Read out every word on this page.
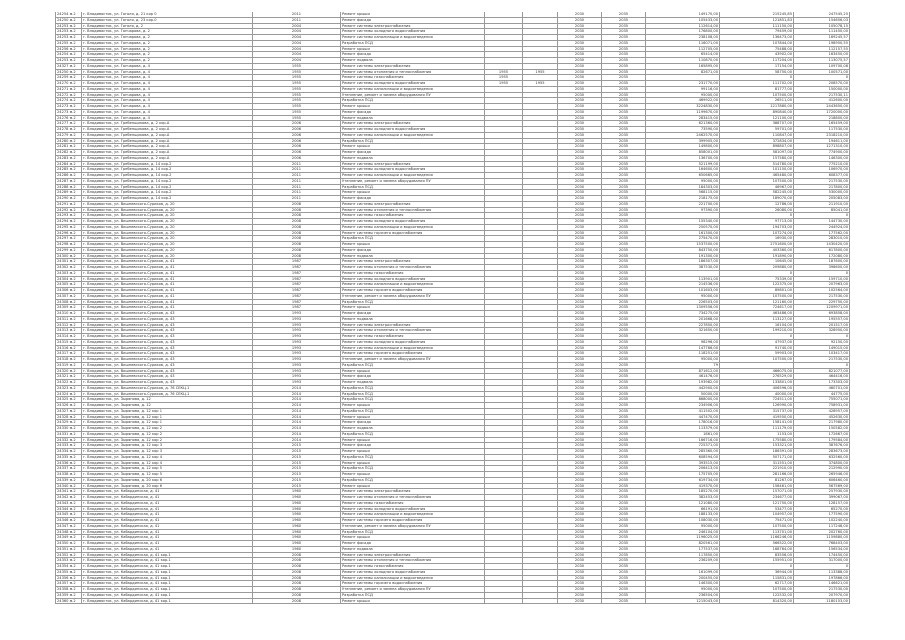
24254 м.2	г. Владивосток, ул. Гоголя, д. 21 кор 0	2011	Ремонт крыши			2030	2035	149170,00	215245,85	247545,25
24250 м.2	г. Владивосток, ул. Гоголя, д. 23 кор.0	2011	Ремонт фасада			2030	2035	105433,00	121851,83	154656,03
24253 м.2	г. Владивосток, ул. Гоголя, д. 2	2004	Ремонт системы электроснабжения			2030	2035	112614,00	111150,00	105078,15
24253 м.2	г. Владивосток, ул. Гончарова, д. 2	2004	Ремонт системы холодного водоснабжения			2030	2035	176800,00	79459,00	111450,00
24253 м.2	г. Владивосток, ул. Гончарова, д. 2	2004	Ремонт системы канализации и водоотведения			2030	2035	238108,00	136473,00	169245,57
24255 м.2	г. Владивосток, ул. Гончарова, д. 2	2004	Разработка ПСД			2030	2035	116071,00	107844,00	198950,55
24256 м.2	г. Владивосток, ул. Гончарова, д. 2	2004	Ремонт крыши			2030	2035	112705,00	75488,00	112157,55
24254 м.2	г. Владивосток, ул. Гончарова, д. 2	2004	Ремонт фасада			2030	2035	65414,00	43902,00	163450,00
24253 м.2	г. Владивосток, ул. Гончарова, д. 2	2004	Ремонт подвала			2030	2035	110870,00	117204,00	113075,57
24327 м.2	г. Владивосток, ул. Гончарова, д. 4	1955	Ремонт системы электроснабжения			2030	2035	165895,00	17154,00	109700,08
24250 м.2	г. Владивосток, ул. Гончарова, д. 4	1955	Ремонт системы отопления и теплоснабжения	1955	1955	2030	2035	82671,00	58750,00	100571,00
24259 м.2	г. Владивосток, ул. Гончарова, д. 4	1955	Ремонт системы газоснабжения	1955		2030	2035		0	0
24270 м.2	г. Владивосток, ул. Гончарова, д. 4	1955	Ремонт системы холодного водоснабжения	1955	1955	2030	2035	231770,00	111702,00	208570,00
24271 м.2	г. Владивосток, ул. Гончарова, д. 4	1955	Ремонт системы канализации и водоотведения			2030	2035	99116,00	81777,00	150000,00
24272 м.2	г. Владивосток, ул. Гончарова, д. 4	1955	Утепление, ремонт и замена оборудования ПУ			2030	2035	95000,00	107500,00	217530,11
24274 м.2	г. Владивосток, ул. Гончарова, д. 4	1955	Разработка ПСД			2030	2035	469922,00	26511,00	412600,00
24273 м.2	г. Владивосток, ул. Гончарова, д. 4	1955	Ремонт крыши			2030	2035	3224830,00	1217880,00	2443650,00
24273 м.2	г. Владивосток, ул. Гончарова, д. 4	1955	Ремонт фасада			2030	2035	1199670,00	890840,00	1720000,00
24276 м.2	г. Владивосток, ул. Гончарова, д. 4	1955	Ремонт подвала			2030	2035	283415,00	121100,00	218800,00
24277 м.2	г. Владивосток, ул. Гребенщикова, д. 2 кор.А	2006	Ремонт системы электроснабжения			2030	2035	621360,00	388707,00	165459,00
24278 м.2	г. Владивосток, ул. Гребенщикова, д. 2 кор.А	2006	Ремонт системы холодного водоснабжения			2030	2035	73590,00	59701,00	117530,00
24279 м.2	г. Владивосток, ул. Гребенщикова, д. 2 кор.А	2006	Ремонт системы канализации и водоотведения			2030	2035	2462570,00	110847,00	2318210,00
24280 м.2	г. Владивосток, ул. Гребенщикова, д. 2 кор.А	2006	Разработка ПСД			2030	2035	399905,00	372834,00	194611,00
24281 м.2	г. Владивосток, ул. Гребенщикова, д. 2 кор.А	2006	Ремонт крыши			2030	2035	149800,00	898807,00	1271310,00
24282 м.2	г. Владивосток, ул. Гребенщикова, д. 2 кор.А	2006	Ремонт фасада			2030	2035	858001,00	581097,00	774900,00
24283 м.2	г. Владивосток, ул. Гребенщикова, д. 2 кор.А	2006	Ремонт подвала			2030	2035	136700,00	157580,00	146300,00
24284 м.2	г. Владивосток, ул. Гребенщикова, д. 14 кор.2	2011	Ремонт системы электроснабжения			2030	2035	521199,00	514780,00	775210,00
24285 м.2	г. Владивосток, ул. Гребенщикова, д. 14 кор.2	2011	Ремонт системы холодного водоснабжения			2030	2035	164600,00	101150,00	106970,00
24286 м.2	г. Владивосток, ул. Гребенщикова, д. 14 кор.2	2011	Ремонт системы канализации и водоотведения			2030	2035	650665,00	465480,00	608377,00
24287 м.2	г. Владивосток, ул. Гребенщикова, д. 14 кор.2	2011	Утепление, ремонт и замена оборудования ПУ			2030	2035	95000,00	107500,00	217530,00
24288 м.2	г. Владивосток, ул. Гребенщикова, д. 14 кор.2	2011	Разработка ПСД			2030	2035	184303,00	46967,00	217800,00
24289 м.2	г. Владивосток, ул. Гребенщикова, д. 14 кор.2	2011	Ремонт крыши			2030	2035	568115,00	582245,00	530000,00
24290 м.2	г. Владивосток, ул. Гребенщикова, д. 14 кор.2	2011	Ремонт фасада			2030	2035	218175,00	189070,00	205083,00
24291 м.2	г. Владивосток, ул. Вишневского-Суриков, д. 20	2008	Ремонт системы электроснабжения			2030	2035	221700,00	12786,00	211910,00
24292 м.2	г. Владивосток, ул. Вишневского-Суриков, д. 20	2008	Ремонт системы отопления и теплоснабжения			2030	2035	97390,00	26080,00	85041,00
24293 м.2	г. Владивосток, ул. Вишневского-Суриков, д. 20	2008	Ремонт системы газоснабжения			2030	2035		0	0
24294 м.2	г. Владивосток, ул. Вишневского-Суриков, д. 20	2008	Ремонт системы холодного водоснабжения			2030	2035	155340,00	97713,00	144730,00
24295 м.2	г. Владивосток, ул. Вишневского-Суриков, д. 20	2008	Ремонт системы канализации и водоотведения			2030	2035	250570,00	194703,00	244924,00
24296 м.2	г. Владивосток, ул. Вишневского-Суриков, д. 20	2008	Ремонт системы горячего водоснабжения			2030	2035	161300,00	107274,00	177562,00
24297 м.2	г. Владивосток, ул. Вишневского-Суриков, д. 20	2008	Разработка ПСД			2030	2035	275470,00	16930,00	283010,00
24298 м.2	г. Владивосток, ул. Вишневского-Суриков, д. 20	2008	Ремонт крыши			2030	2035	1537500,00	2751600,00	1430420,00
24299 м.2	г. Владивосток, ул. Вишневского-Суриков, д. 20	2008	Ремонт фасада			2030	2035	843750,00	403360,00	617800,00
24300 м.2	г. Владивосток, ул. Вишневского-Суриков, д. 20	2008	Ремонт подвала			2030	2035	191300,00	191890,00	172080,00
24301 м.2	г. Владивосток, ул. Вишневского-Суриков, д. 41	1987	Ремонт системы электроснабжения			2030	2035	186307,00	10645,00	187600,00
24302 м.2	г. Владивосток, ул. Вишневского-Суриков, д. 41	1987	Ремонт системы отопления и теплоснабжения			2030	2035	387530,00	209880,00	398600,00
24303 м.2	г. Владивосток, ул. Вишневского-Суриков, д. 41	1987	Ремонт системы газоснабжения			2030	2035		0	0
24304 м.2	г. Владивосток, ул. Вишневского-Суриков, д. 41	1987	Ремонт системы холодного водоснабжения			2030	2035	113901,00	75339,00	159710,00
24305 м.2	г. Владивосток, ул. Вишневского-Суриков, д. 41	1987	Ремонт системы канализации и водоотведения			2030	2035	214536,00	122375,00	207963,00
24306 м.2	г. Владивосток, ул. Вишневского-Суриков, д. 41	1987	Ремонт системы горячего водоснабжения			2030	2035	101603,00	89801,00	102564,00
24307 м.2	г. Владивосток, ул. Вишневского-Суриков, д. 41	1987	Утепление, ремонт и замена оборудования ПУ			2030	2035	95000,00	107500,00	217530,00
24308 м.2	г. Владивосток, ул. Вишневского-Суриков, д. 41	1987	Разработка ПСД			2030	2035	226503,00	121160,00	229750,00
24309 м.2	г. Владивосток, ул. Вишневского-Суриков, д. 41	1987	Ремонт крыши			2030	2035	1309556,00	724617,00	1209971,00
24310 м.2	г. Владивосток, ул. Вишневского-Суриков, д. 43	1993	Ремонт фасада			2030	2035	734275,00	463486,00	693858,00
24311 м.2	г. Владивосток, ул. Вишневского-Суриков, д. 43	1993	Ремонт подвала			2030	2035	201668,00	113127,00	195557,00
24312 м.2	г. Владивосток, ул. Вишневского-Суриков, д. 43	1993	Ремонт системы электроснабжения			2030	2035	227850,00	16104,00	201517,00
24313 м.2	г. Владивосток, ул. Вишневского-Суриков, д. 43	1993	Ремонт системы отопления и теплоснабжения			2030	2035	321650,00	199210,00	328950,00
24314 м.2	г. Владивосток, ул. Вишневского-Суриков, д. 43	1993	Ремонт системы газоснабжения			2030	2035		0	0
24315 м.2	г. Владивосток, ул. Вишневского-Суриков, д. 43	1993	Ремонт системы холодного водоснабжения			2030	2035	98296,00	47937,00	92150,00
24316 м.2	г. Владивосток, ул. Вишневского-Суриков, д. 43	1993	Ремонт системы канализации и водоотведения			2030	2035	147766,00	91740,00	149015,00
24317 м.2	г. Владивосток, ул. Вишневского-Суриков, д. 43	1993	Ремонт системы горячего водоснабжения			2030	2035	118251,00	59903,00	103417,00
24318 м.2	г. Владивосток, ул. Вишневского-Суриков, д. 43	1993	Утепление, ремонт и замена оборудования ПУ			2030	2035	95000,00	107500,00	217530,00
24319 м.2	г. Владивосток, ул. Вишневского-Суриков, д. 43	1993	Разработка ПСД			2030	2035	79		0
24320 м.2	г. Владивосток, ул. Вишневского-Суриков, д. 43	1993	Ремонт крыши			2030	2035	871612,00	466075,00	821077,00
24321 м.2	г. Владивосток, ул. Вишневского-Суриков, д. 43	1993	Ремонт фасада			2030	2035	461476,00	276529,00	464416,00
24322 м.2	г. Владивосток, ул. Вишневского-Суриков, д. 43	1993	Ремонт подвала			2030	2035	193982,00	133801,00	173303,00
24323 м.2	г. Владивосток, ул. Вишневского-Суриков, д. 76 СЕКЦ.1	2014	Разработка ПСД			2030	2035	442900,00	406596,00	460701,00
24324 м.2	г. Владивосток, ул. Вишневского-Суриков, д. 76 СЕКЦ.1	2014	Разработка ПСД			2030	2035	50000,00	40000,00	44775,00
24325 м.2	г. Владивосток, ул. Зырянова, д. 12	2014	Разработка ПСД			2030	2035	868000,00	724511,00	755071,00
24326 м.2	г. Владивосток, ул. Зырянова, д. 12	2014	Ремонт крыши			2030	2035	234906,00	126990,00	758931,00
24327 м.2	г. Владивосток, ул. Зырянова, д. 12 кор 1	2014	Разработка ПСД			2030	2035	411502,00	315737,00	428957,00
24328 м.2	г. Владивосток, ул. Зырянова, д. 12 кор 1	2014	Ремонт крыши			2030	2035	447470,00	419550,00	452630,00
24329 м.2	г. Владивосток, ул. Зырянова, д. 12 кор 1	2014	Ремонт фасада			2030	2035	178016,00	158141,00	217980,00
24330 м.2	г. Владивосток, ул. Зырянова, д. 12 кор 2	2014	Ремонт подвала			2030	2035	113379,00	111179,00	150582,00
24331 м.2	г. Владивосток, ул. Зырянова, д. 12 кор 2	2014	Разработка ПСД			2030	2035	1861,00	1153,00	172667,00
24332 м.2	г. Владивосток, ул. Зырянова, д. 12 кор 2	2014	Ремонт крыши			2030	2035	166716,00	175580,00	179584,00
24333 м.2	г. Владивосток, ул. Зырянова, д. 12 кор 3	2015	Ремонт фасада			2030	2035	725371,00	153321,00	387676,00
24334 м.2	г. Владивосток, ул. Зырянова, д. 12 кор 3	2015	Ремонт крыши			2030	2035	285360,00	186391,00	283673,00
24335 м.2	г. Владивосток, ул. Зырянова, д. 12 кор 4	2015	Разработка ПСД			2030	2035	608594,00	507171,00	632560,00
24336 м.2	г. Владивосток, ул. Зырянова, д. 12 кор 4	2015	Ремонт крыши			2030	2035	393515,00	311551,00	374800,00
24337 м.2	г. Владивосток, ул. Зырянова, д. 12 кор 5	2015	Разработка ПСД			2030	2035	206413,00	221910,00	212990,00
24338 м.2	г. Владивосток, ул. Зырянова, д. 12 кор 5	2015	Ремонт крыши			2030	2035	175705,00	281166,00	265946,00
24339 м.2	г. Владивосток, ул. Зырянова, д. 20 кор 6	2015	Разработка ПСД			2030	2035	619734,00	81267,00	606460,00
24340 м.2	г. Владивосток, ул. Зырянова, д. 20 кор 6	2015	Ремонт крыши			2030	2035	419370,00	158461,00	567569,00
24341 м.2	г. Владивосток, ул. Кабардинская, д. 41	1960	Ремонт системы электроснабжения			2030	2035	185270,00	157071,00	257930,00
24342 м.2	г. Владивосток, ул. Кабардинская, д. 41	1960	Ремонт системы отопления и теплоснабжения			2030	2035	382453,00	234677,00	399067,00
24343 м.2	г. Владивосток, ул. Кабардинская, д. 41	1960	Ремонт системы газоснабжения			2030	2035	121080,00	121750,00	128157,00
24344 м.2	г. Владивосток, ул. Кабардинская, д. 41	1960	Ремонт системы холодного водоснабжения			2030	2035	66191,00	53477,00	65270,00
24345 м.2	г. Владивосток, ул. Кабардинская, д. 41	1960	Ремонт системы канализации и водоотведения			2030	2035	188133,00	104957,00	177590,00
24346 м.2	г. Владивосток, ул. Кабардинская, д. 41	1960	Ремонт системы горячего водоснабжения			2030	2035	108030,00	75471,00	102240,00
24347 м.2	г. Владивосток, ул. Кабардинская, д. 41	1960	Утепление, ремонт и замена оборудования ПУ			2030	2035	95000,00	107500,00	117248,00
24348 м.2	г. Владивосток, ул. Кабардинская, д. 41	1960	Разработка ПСД			2030	2035	246104,00	113701,00	202760,00
24349 м.2	г. Владивосток, ул. Кабардинская, д. 41	1960	Ремонт крыши			2030	2035	1196025,00	1166246,00	1159880,00
24350 м.2	г. Владивосток, ул. Кабардинская, д. 41	1960	Ремонт фасада			2030	2035	820561,00	566522,00	768403,00
24351 м.2	г. Владивосток, ул. Кабардинская, д. 41	1960	Ремонт подвала			2030	2035	177537,00	168764,00	156534,00
24352 м.2	г. Владивосток, ул. Кабардинская, д. 41 кор.1	2008	Ремонт системы электроснабжения			2030	2035	117850,00	83556,00	174450,00
24353 м.2	г. Владивосток, ул. Кабардинская, д. 41 кор.1	2008	Ремонт системы отопления и теплоснабжения			2030	2035	236209,00	155951,00	317000,00
24354 м.2	г. Владивосток, ул. Кабардинская, д. 41 кор.1	2008	Ремонт системы газоснабжения			2030	2035		0	0
24355 м.2	г. Владивосток, ул. Кабардинская, д. 41 кор.1	2008	Ремонт системы холодного водоснабжения			2030	2035	161099,00	36944,00	113388,00
24356 м.2	г. Владивосток, ул. Кабардинская, д. 41 кор.1	2008	Ремонт системы канализации и водоотведения			2030	2035	200455,00	115831,00	197866,00
24357 м.2	г. Владивосток, ул. Кабардинская, д. 41 кор.1	2008	Ремонт системы горячего водоснабжения			2030	2035	146300,00	62717,00	146621,00
24358 м.2	г. Владивосток, ул. Кабардинская, д. 41 кор.1	2008	Утепление, ремонт и замена оборудования ПУ			2030	2035	95000,00	107500,00	217530,00
24359 м.2	г. Владивосток, ул. Кабардинская, д. 41 кор.1	2008	Разработка ПСД			2030	2035	236504,00	122532,00	207970,00
24360 м.2	г. Владивосток, ул. Кабардинская, д. 41 кор.1	2008	Ремонт крыши			2030	2035	1215043,00	814320,00	1180153,00
